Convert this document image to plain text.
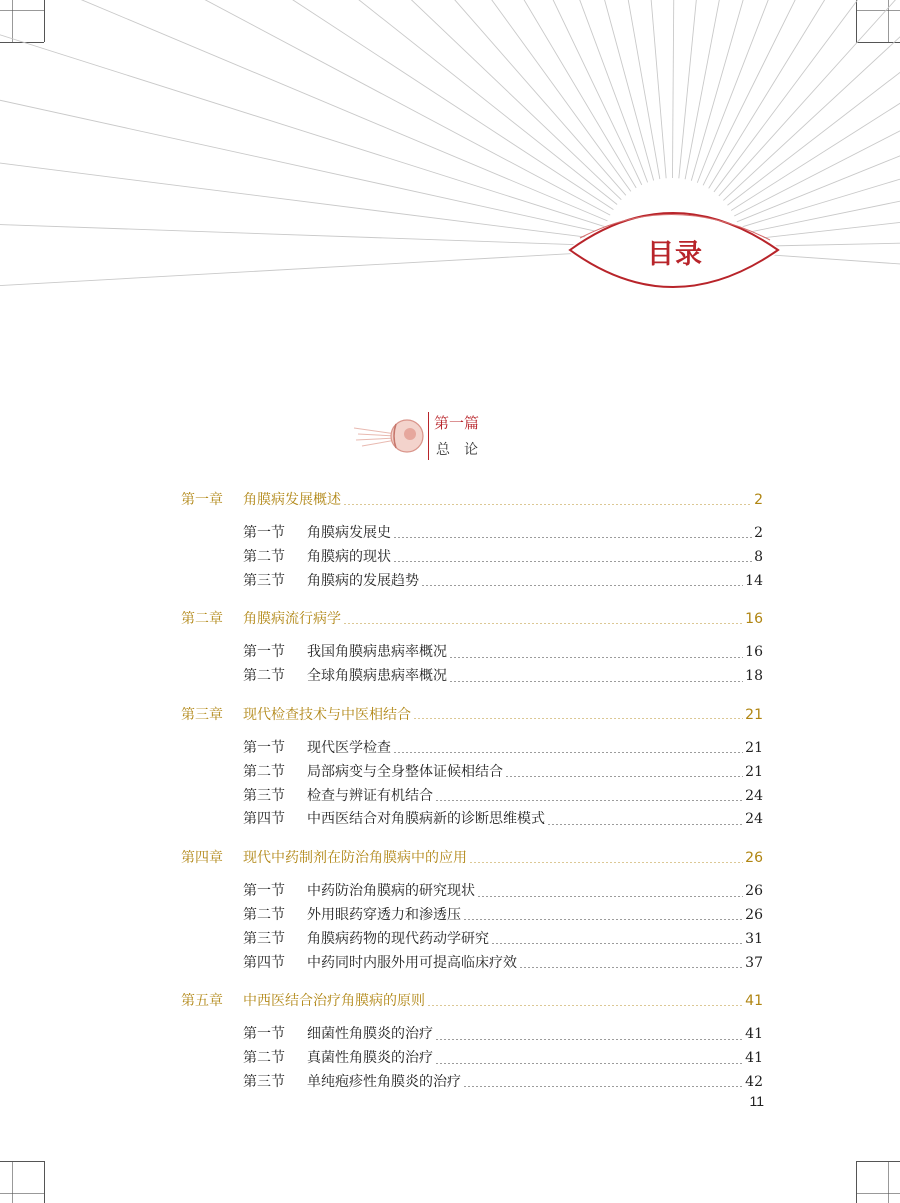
目录
第一篇
总论
第一章	角膜病发展概述	2
第一节	角膜病发展史	2
第二节	角膜病的现状	8
第三节	角膜病的发展趋势	14
第二章	角膜病流行病学	16
第一节	我国角膜病患病率概况	16
第二节	全球角膜病患病率概况	18
第三章	现代检查技术与中医相结合	21
第一节	现代医学检查	21
第二节	局部病变与全身整体证候相结合	21
第三节	检查与辨证有机结合	24
第四节	中西医结合对角膜病新的诊断思维模式	24
第四章	现代中药制剂在防治角膜病中的应用	26
第一节	中药防治角膜病的研究现状	26
第二节	外用眼药穿透力和渗透压	26
第三节	角膜病药物的现代药动学研究	31
第四节	中药同时内服外用可提高临床疗效	37
第五章	中西医结合治疗角膜病的原则	41
第一节	细菌性角膜炎的治疗	41
第二节	真菌性角膜炎的治疗	41
第三节	单纯疱疹性角膜炎的治疗	42
11
